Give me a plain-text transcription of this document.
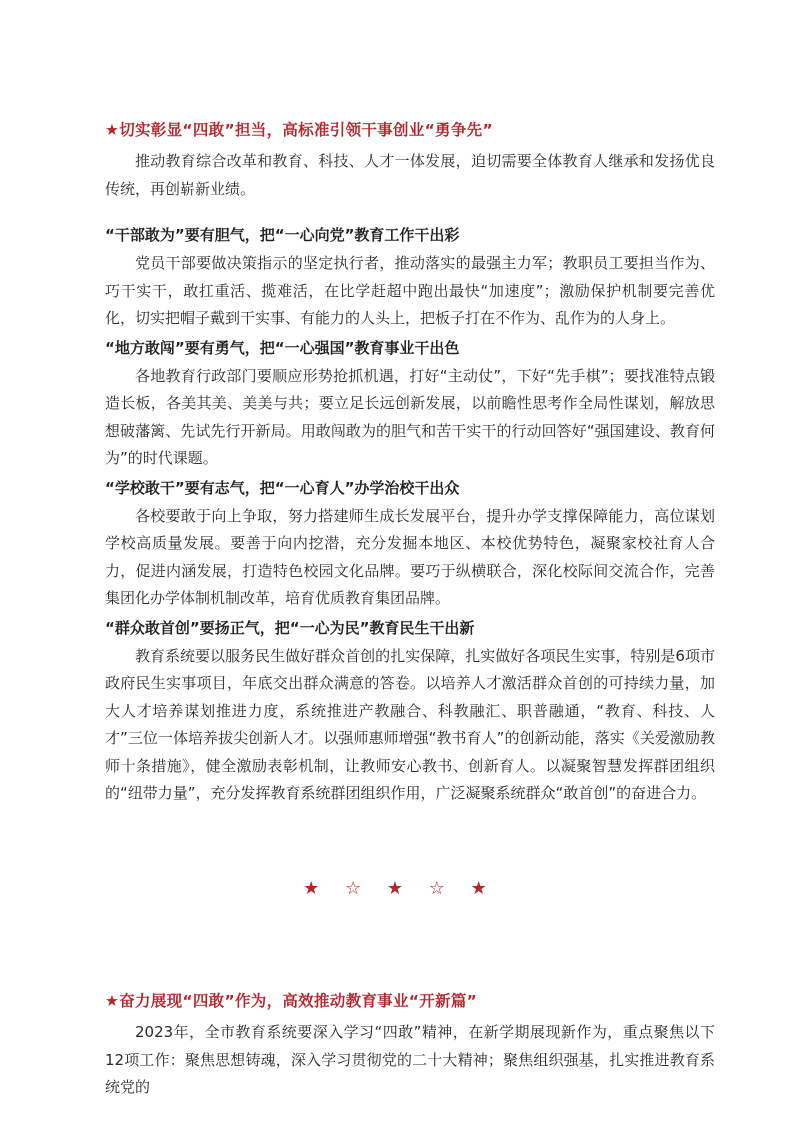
★切实彰显“四敢”担当，高标准引领干事创业“勇争先”
推动教育综合改革和教育、科技、人才一体发展，迫切需要全体教育人继承和发扬优良传统，再创崭新业绩。
“干部敢为”要有胆气，把“一心向党”教育工作干出彩
党员干部要做决策指示的坚定执行者，推动落实的最强主力军；教职员工要担当作为、巧干实干，敢扛重活、揽难活，在比学赶超中跑出最快“加速度”；激励保护机制要完善优化，切实把帽子戴到干实事、有能力的人头上，把板子打在不作为、乱作为的人身上。
“地方敢闯”要有勇气，把“一心强国”教育事业干出色
各地教育行政部门要顺应形势抢抓机遇，打好“主动仗”，下好“先手棋”；要找准特点锻造长板，各美其美、美美与共；要立足长远创新发展，以前瞻性思考作全局性谋划，解放思想破藩篱、先试先行开新局。用敢闯敢为的胆气和苦干实干的行动回答好“强国建设、教育何为”的时代课题。
“学校敢干”要有志气，把“一心育人”办学治校干出众
各校要敢于向上争取，努力搭建师生成长发展平台，提升办学支撑保障能力，高位谋划学校高质量发展。要善于向内挖潜，充分发掘本地区、本校优势特色，凝聚家校社育人合力，促进内涵发展，打造特色校园文化品牌。要巧于纵横联合，深化校际间交流合作，完善集团化办学体制机制改革，培育优质教育集团品牌。
“群众敢首创”要扬正气，把“一心为民”教育民生干出新
教育系统要以服务民生做好群众首创的扎实保障，扎实做好各项民生实事，特别是6项市政府民生实事项目，年底交出群众满意的答卷。以培养人才激活群众首创的可持续力量，加大人才培养谋划推进力度，系统推进产教融合、科教融汇、职普融通，“教育、科技、人才”三位一体培养拔尖创新人才。以强师惠师增强“教书育人”的创新动能，落实《关爱激励教师十条措施》，健全激励表彰机制，让教师安心教书、创新育人。以凝聚智慧发挥群团组织的“纽带力量”，充分发挥教育系统群团组织作用，广泛凝聚系统群众“敢首创”的奋进合力。
★ ☆ ★ ☆ ★
★奋力展现“四敢”作为，高效推动教育事业“开新篇”
2023年，全市教育系统要深入学习“四敢”精神，在新学期展现新作为，重点聚焦以下12项工作：聚焦思想铸魂，深入学习贯彻党的二十大精神；聚焦组织强基，扎实推进教育系统党的
